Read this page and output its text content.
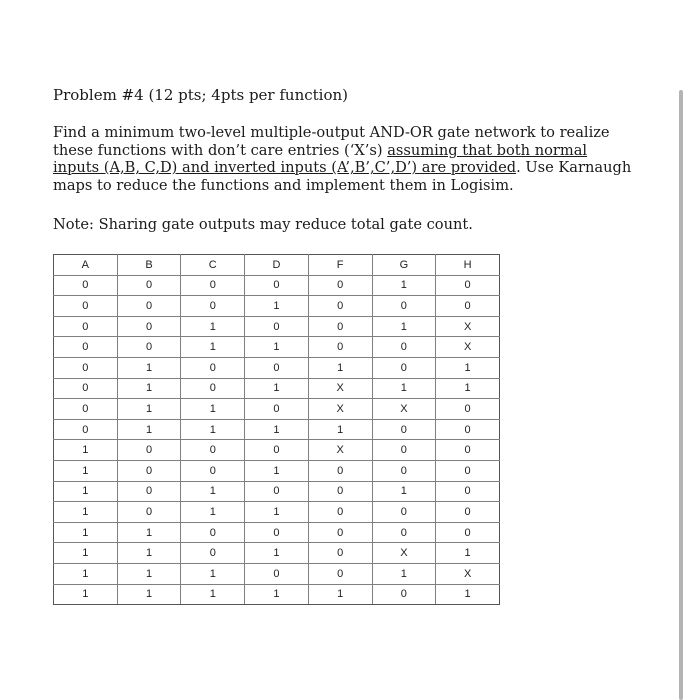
Problem #4 (12 pts; 4pts per function)

Find a minimum two-level multiple-output AND-OR gate network to realize these functions with don’t care entries (‘X’s) assuming that both normal inputs (A,B, C,D) and inverted inputs (A’,B’,C’,D’) are provided. Use Karnaugh maps to reduce the functions and implement them in Logisim.

Note: Sharing gate outputs may reduce total gate count.

A	B	C	D	F	G	H
0	0	0	0	0	1	0
0	0	0	1	0	0	0
0	0	1	0	0	1	X
0	0	1	1	0	0	X
0	1	0	0	1	0	1
0	1	0	1	X	1	1
0	1	1	0	X	X	0
0	1	1	1	1	0	0
1	0	0	0	X	0	0
1	0	0	1	0	0	0
1	0	1	0	0	1	0
1	0	1	1	0	0	0
1	1	0	0	0	0	0
1	1	0	1	0	X	1
1	1	1	0	0	1	X
1	1	1	1	1	0	1
